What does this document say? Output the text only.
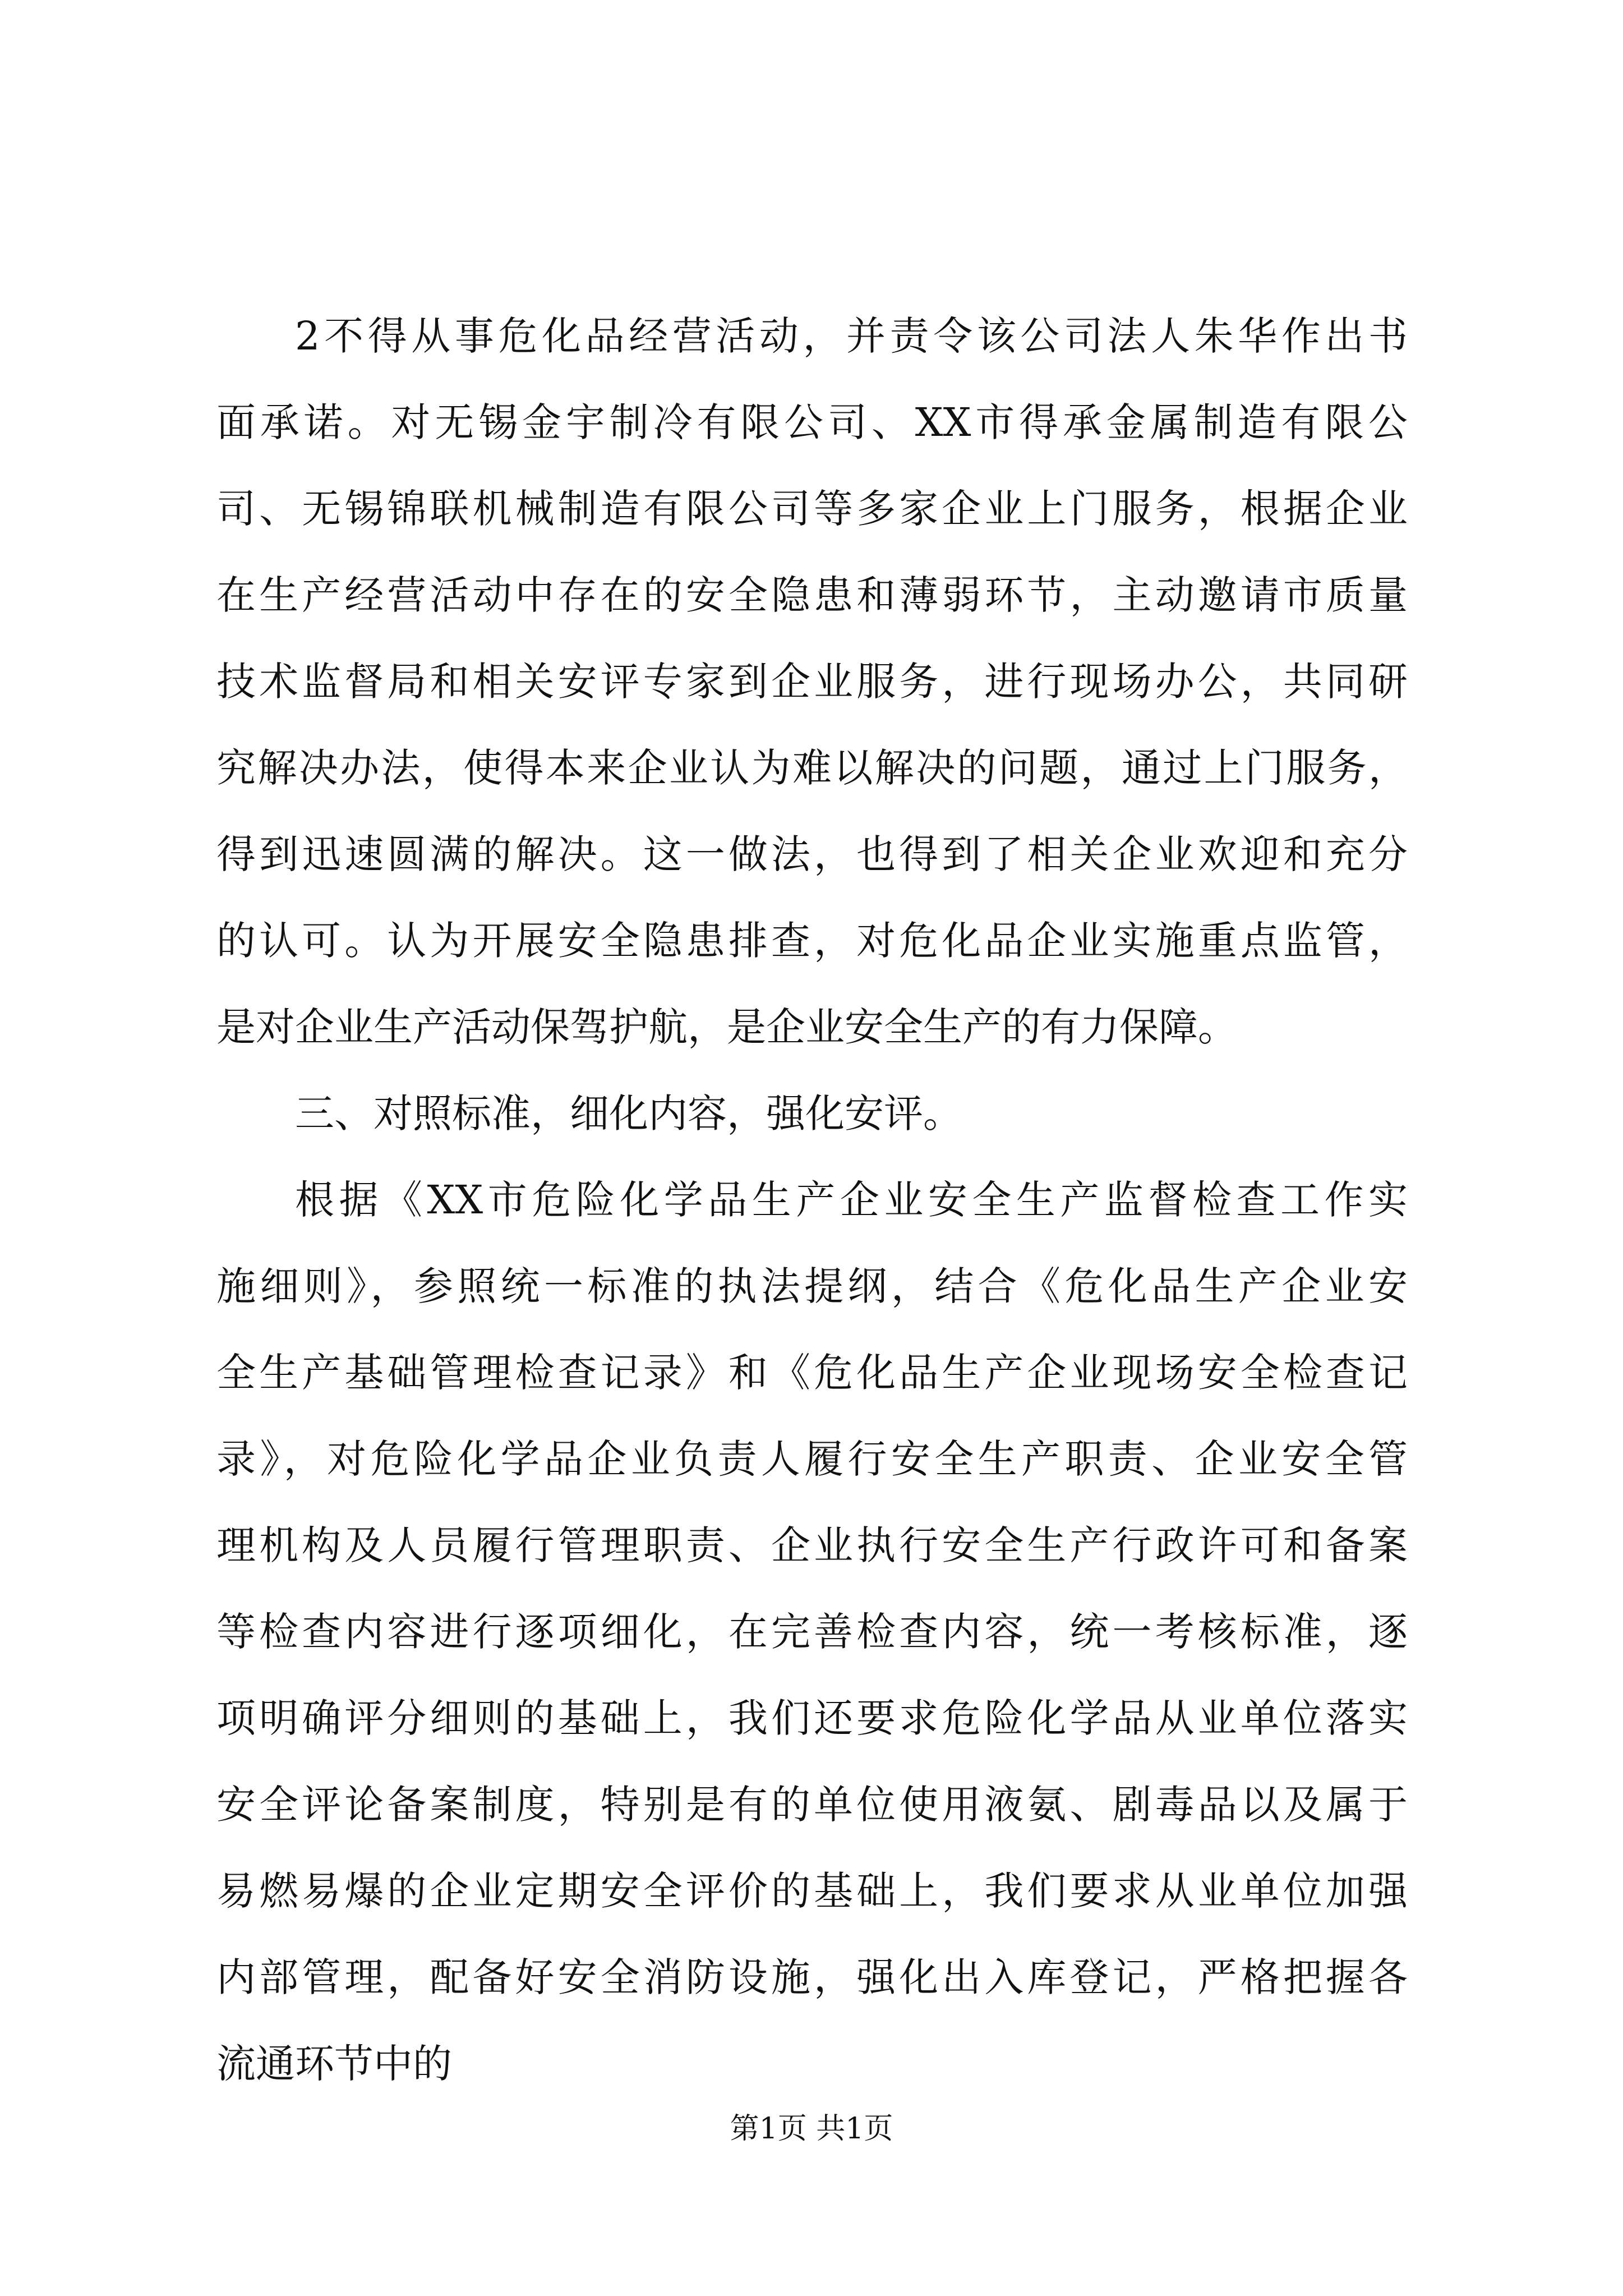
2不得从事危化品经营活动，并责令该公司法人朱华作出书
面承诺。对无锡金宇制冷有限公司、XX市得承金属制造有限公
司、无锡锦联机械制造有限公司等多家企业上门服务，根据企业
在生产经营活动中存在的安全隐患和薄弱环节，主动邀请市质量
技术监督局和相关安评专家到企业服务，进行现场办公，共同研
究解决办法，使得本来企业认为难以解决的问题，通过上门服务，
得到迅速圆满的解决。这一做法，也得到了相关企业欢迎和充分
的认可。认为开展安全隐患排查，对危化品企业实施重点监管，
是对企业生产活动保驾护航，是企业安全生产的有力保障。
三、对照标准，细化内容，强化安评。
根据《XX市危险化学品生产企业安全生产监督检查工作实
施细则》，参照统一标准的执法提纲，结合《危化品生产企业安
全生产基础管理检查记录》和《危化品生产企业现场安全检查记
录》，对危险化学品企业负责人履行安全生产职责、企业安全管
理机构及人员履行管理职责、企业执行安全生产行政许可和备案
等检查内容进行逐项细化，在完善检查内容，统一考核标准，逐
项明确评分细则的基础上，我们还要求危险化学品从业单位落实
安全评论备案制度，特别是有的单位使用液氨、剧毒品以及属于
易燃易爆的企业定期安全评价的基础上，我们要求从业单位加强
内部管理，配备好安全消防设施，强化出入库登记，严格把握各
流通环节中的
第1页 共1页
